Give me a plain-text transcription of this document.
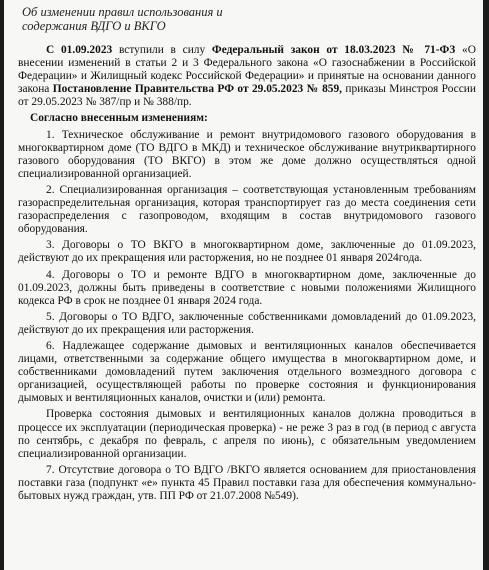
Об изменении правил использования и
содержания ВДГО и ВКГО

С 01.09.2023 вступили в силу Федеральный закон от 18.03.2023 № 71-ФЗ «О внесении изменений в статьи 2 и 3 Федерального закона «О газоснабжении в Российской Федерации» и Жилищный кодекс Российской Федерации» и принятые на основании данного закона Постановление Правительства РФ от 29.05.2023 № 859, приказы Минстроя России от 29.05.2023 № 387/пр и № 388/пр.

Согласно внесенным изменениям:

1. Техническое обслуживание и ремонт внутридомового газового оборудования в многоквартирном доме (ТО ВДГО в МКД) и техническое обслуживание внутриквартирного газового оборудования (ТО ВКГО) в этом же доме должно осуществляться одной специализированной организацией.

2. Специализированная организация – соответствующая установленным требованиям газораспределительная организация, которая транспортирует газ до места соединения сети газораспределения с газопроводом, входящим в состав внутридомового газового оборудования.

3. Договоры о ТО ВКГО в многоквартирном доме, заключенные до 01.09.2023, действуют до их прекращения или расторжения, но не позднее 01 января 2024года.

4. Договоры о ТО и ремонте ВДГО в многоквартирном доме, заключенные до 01.09.2023, должны быть приведены в соответствие с новыми положениями Жилищного кодекса РФ в срок не позднее 01 января 2024 года.

5. Договоры о ТО ВДГО, заключенные собственниками домовладений до 01.09.2023, действуют до их прекращения или расторжения.

6. Надлежащее содержание дымовых и вентиляционных каналов обеспечивается лицами, ответственными за содержание общего имущества в многоквартирном доме, и собственниками домовладений путем заключения отдельного возмездного договора с организацией, осуществляющей работы по проверке состояния и функционирования дымовых и вентиляционных каналов, очистки и (или) ремонта.

Проверка состояния дымовых и вентиляционных каналов должна проводиться в процессе их эксплуатации (периодическая проверка) - не реже 3 раз в год (в период с августа по сентябрь, с декабря по февраль, с апреля по июнь), с обязательным уведомлением специализированной организации.

7. Отсутствие договора о ТО ВДГО /ВКГО является основанием для приостановления поставки газа (подпункт «е» пункта 45 Правил поставки газа для обеспечения коммунально-бытовых нужд граждан, утв. ПП РФ от 21.07.2008 №549).
